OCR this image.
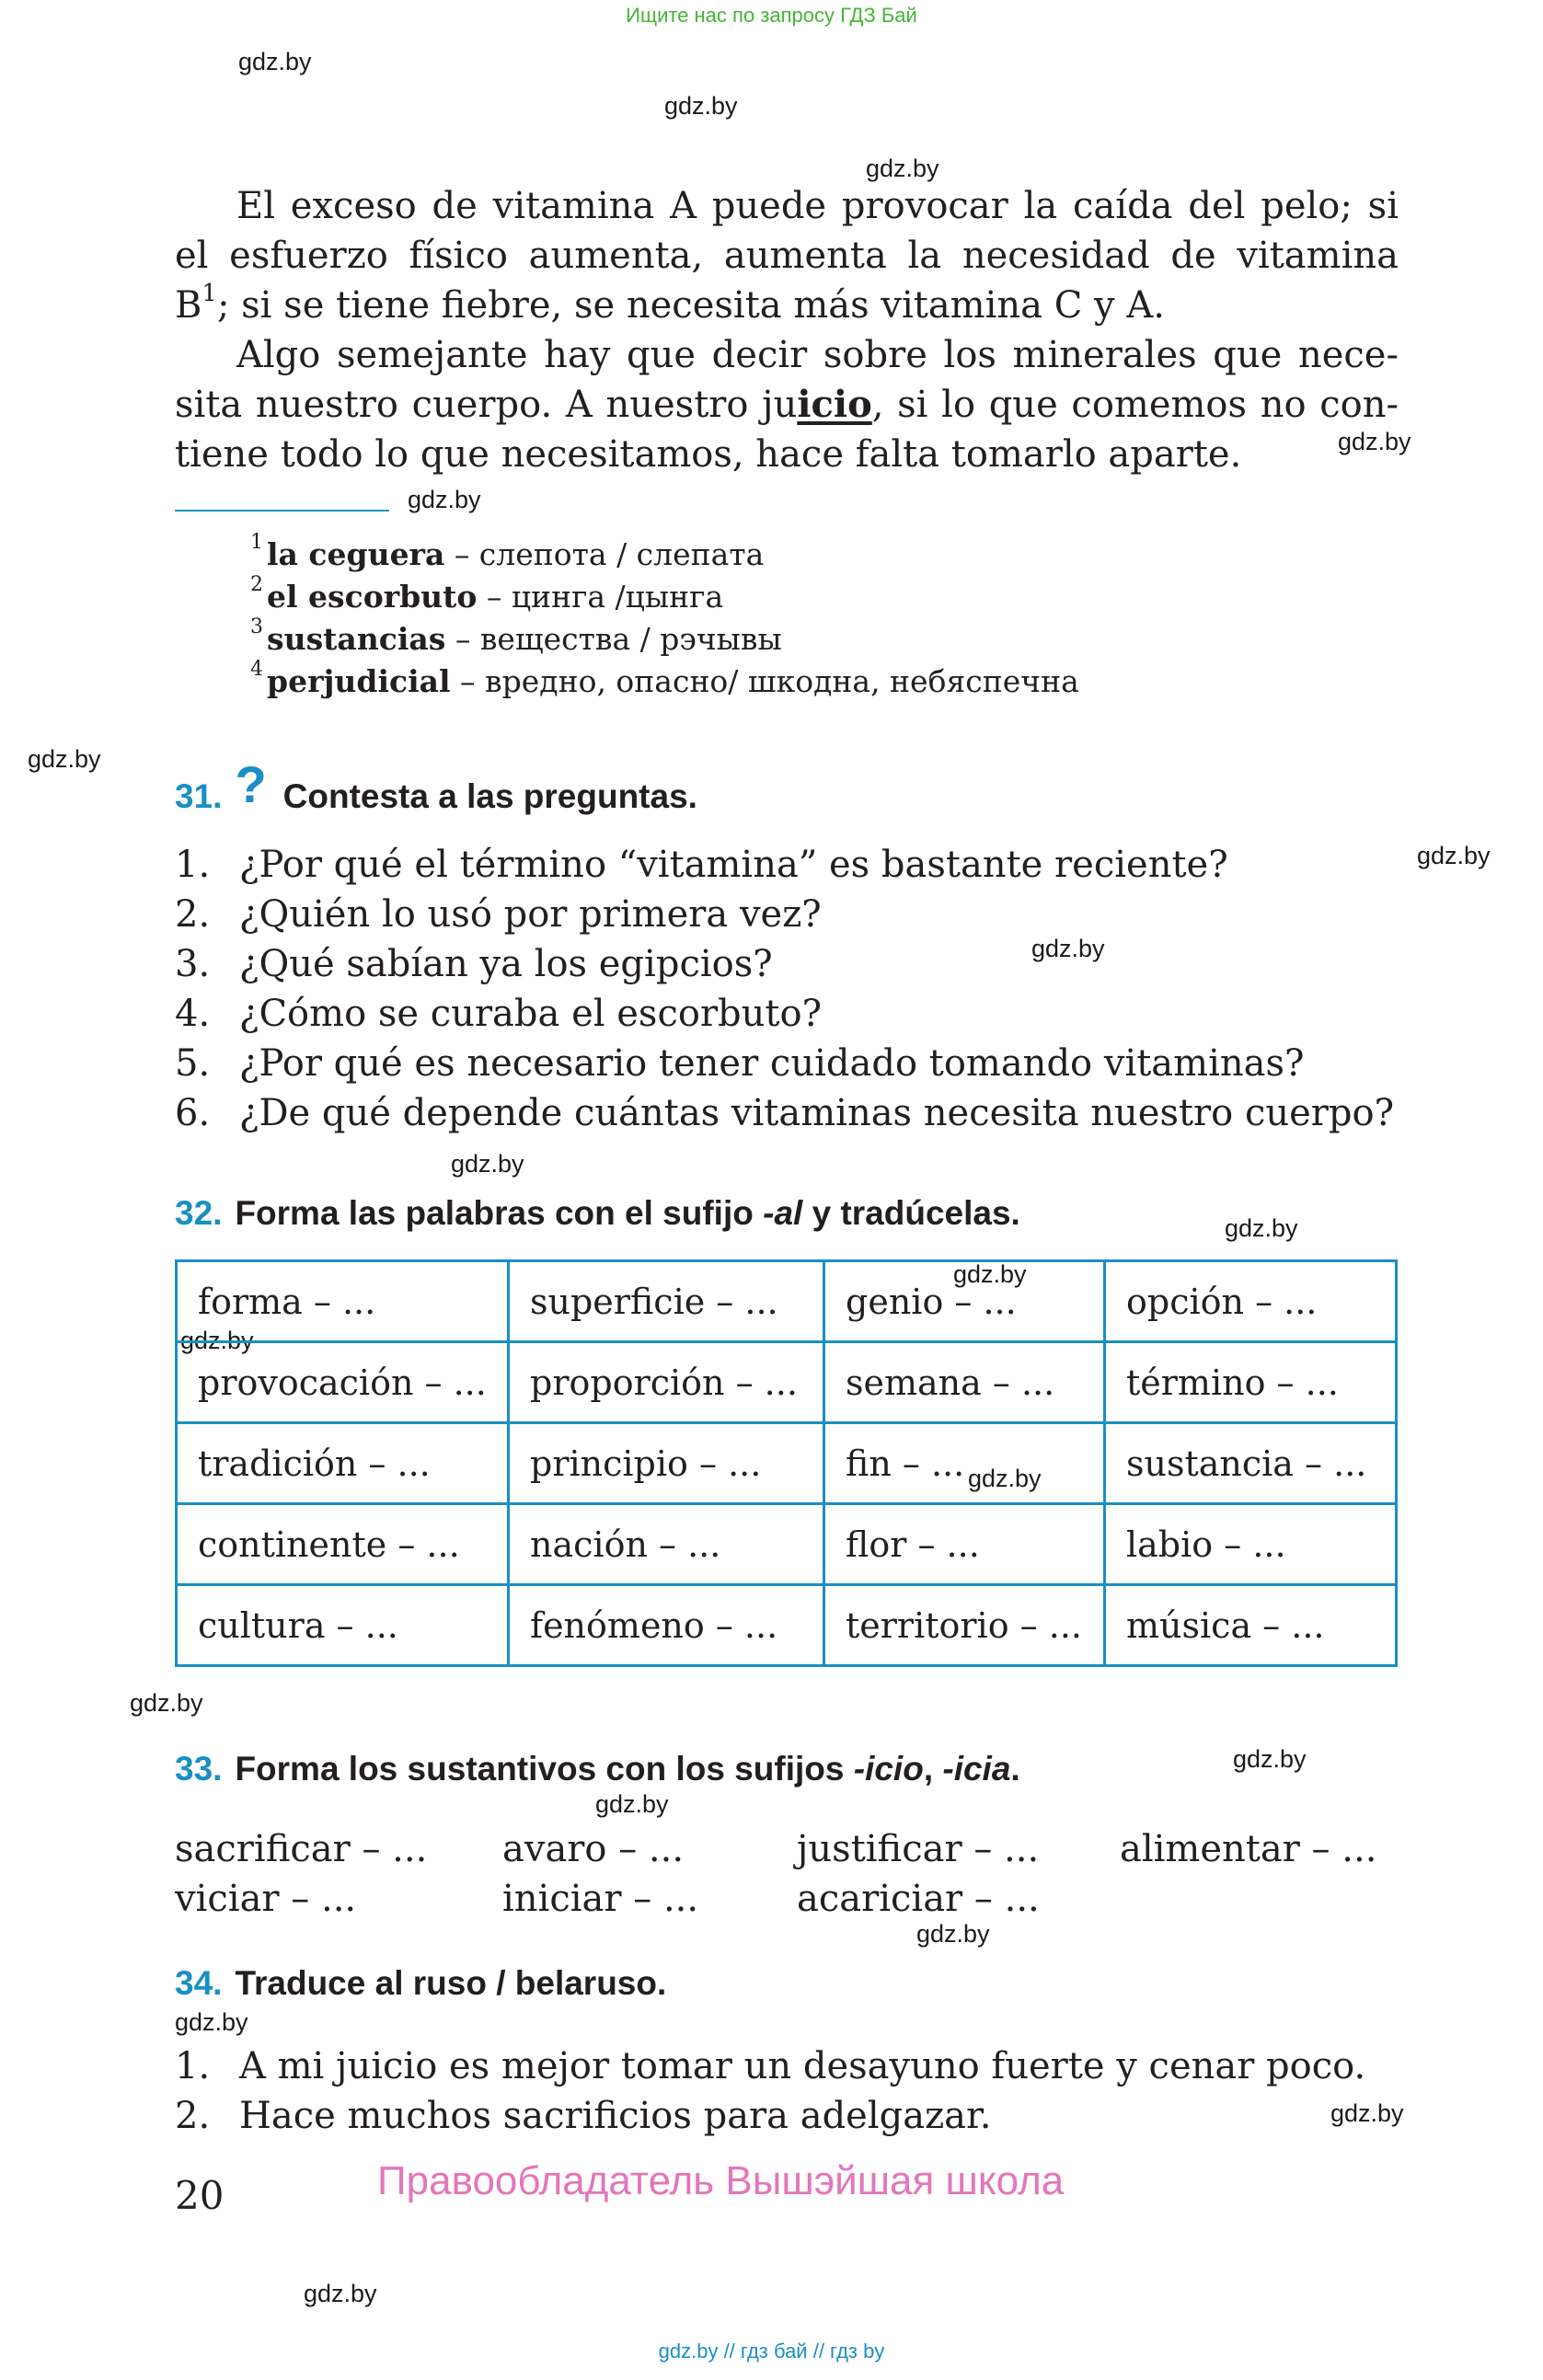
Ищите нас по запросу ГДЗ Бай
gdz.by
gdz.by
gdz.by
gdz.by
gdz.by
gdz.by
gdz.by
gdz.by
gdz.by
gdz.by
gdz.by
gdz.by
gdz.by
gdz.by
gdz.by
gdz.by
gdz.by
gdz.by
gdz.by
gdz.by
El exceso de vitamina A puede provocar la caída del pelo; si
el esfuerzo físico aumenta, aumenta la necesidad de vitamina
$B^1$; si se tiene fiebre, se necesita más vitamina C y A.
Algo semejante hay que decir sobre los minerales que nece-
sita nuestro cuerpo. A nuestro juicio, si lo que comemos no con-
tiene todo lo que necesitamos, hace falta tomarlo aparte.
$^1$ la ceguera – слепота / слепата
$^2$ el escorbuto – цинга /цынга
$^3$ sustancias – вещества / рэчывы
$^4$ perjudicial – вредно, опасно/ шкодна, небяспечна
31. ? Contesta a las preguntas.
1. ¿Por qué el término “vitamina” es bastante reciente?
2. ¿Quién lo usó por primera vez?
3. ¿Qué sabían ya los egipcios?
4. ¿Cómo se curaba el escorbuto?
5. ¿Por qué es necesario tener cuidado tomando vitaminas?
6. ¿De qué depende cuántas vitaminas necesita nuestro cuerpo?
32. Forma las palabras con el sufijo -al y tradúcelas.
forma – ...	superficie – ...	genio – ...	opción – ...
provocación – ...	proporción – ...	semana – ...	término – ...
tradición – ...	principio – ...	fin – ...	sustancia – ...
continente – ...	nación – ...	flor – ...	labio – ...
cultura – ...	fenómeno – ...	territorio – ...	música – ...
33. Forma los sustantivos con los sufijos -icio, -icia.
sacrificar – ... avaro – ...	justificar – ... alimentar – ...
viciar – ...	iniciar – ...	acariciar – ...
34. Traduce al ruso / belaruso.
1. A mi juicio es mejor tomar un desayuno fuerte y cenar poco.
2. Hace muchos sacrificios para adelgazar.
20	Правообладатель Вышэйшая школа
gdz.by // гдз бай // гдз by
